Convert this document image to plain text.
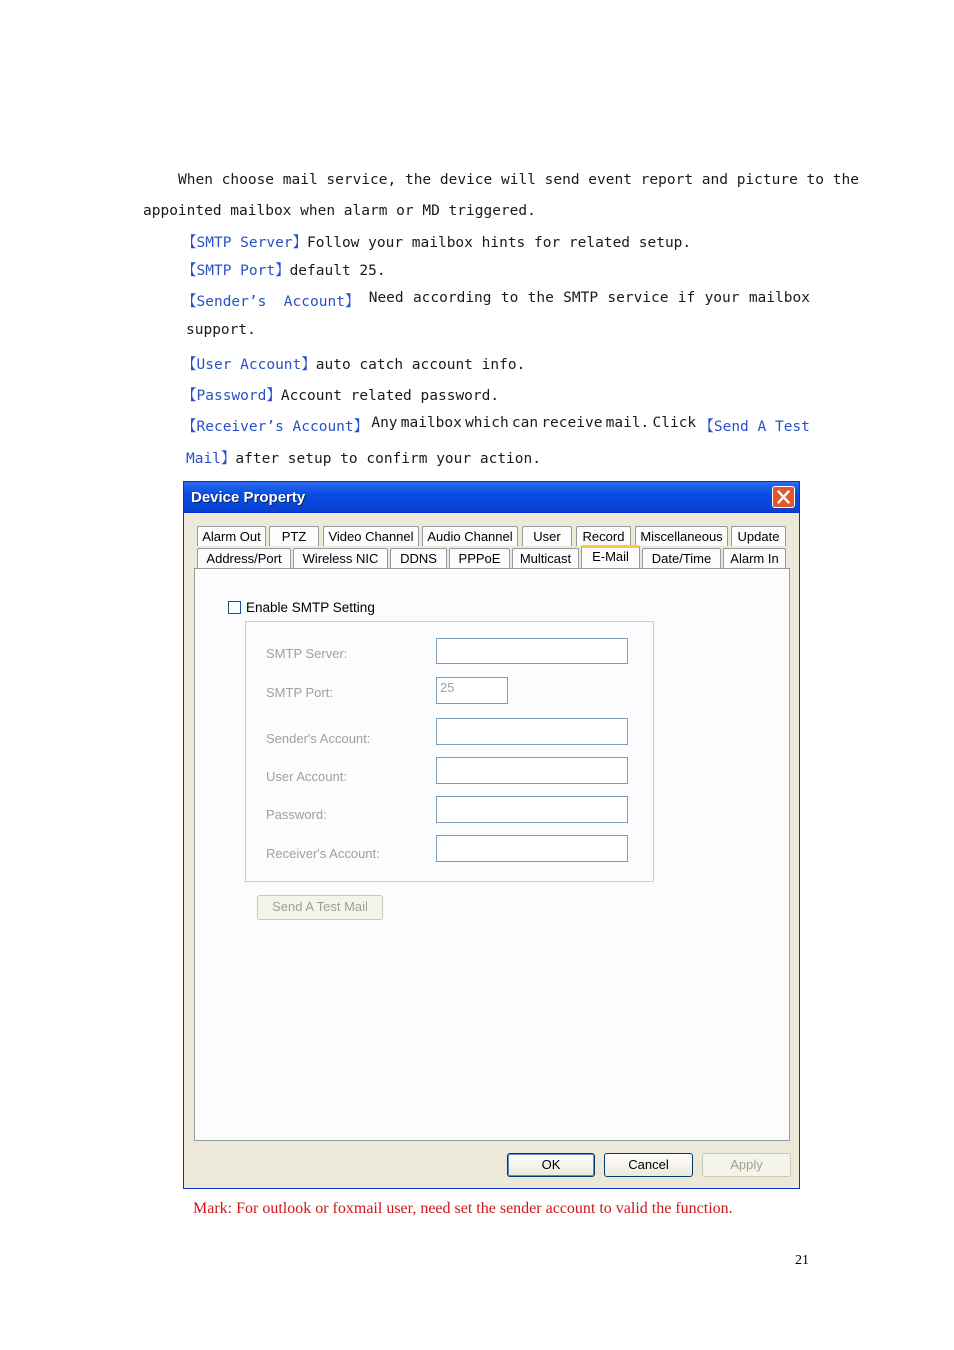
When choose mail service, the device will send event report and picture to the
appointed mailbox when alarm or MD triggered.
【SMTP Server】Follow your mailbox hints for related setup.
【SMTP Port】default 25.
【Sender’s  Account】 Need according to the SMTP service if your mailbox
support.
【User Account】auto catch account info.
【Password】Account related password.
【Receiver’s Account】 Any mailbox which can receive mail. Click 【Send A Test
Mail】after setup to confirm your action.
Device Property
Alarm Out	PTZ	Video Channel	Audio Channel	User	Record	Miscellaneous	Update
Address/Port	Wireless NIC	DDNS	PPPoE	Multicast	E-Mail	Date/Time	Alarm In
Enable SMTP Setting
SMTP Server:
SMTP Port:	25
Sender's Account:
User Account:
Password:
Receiver's Account:
Send A Test Mail
OK	Cancel	Apply
Mark: For outlook or foxmail user, need set the sender account to valid the function.
21
